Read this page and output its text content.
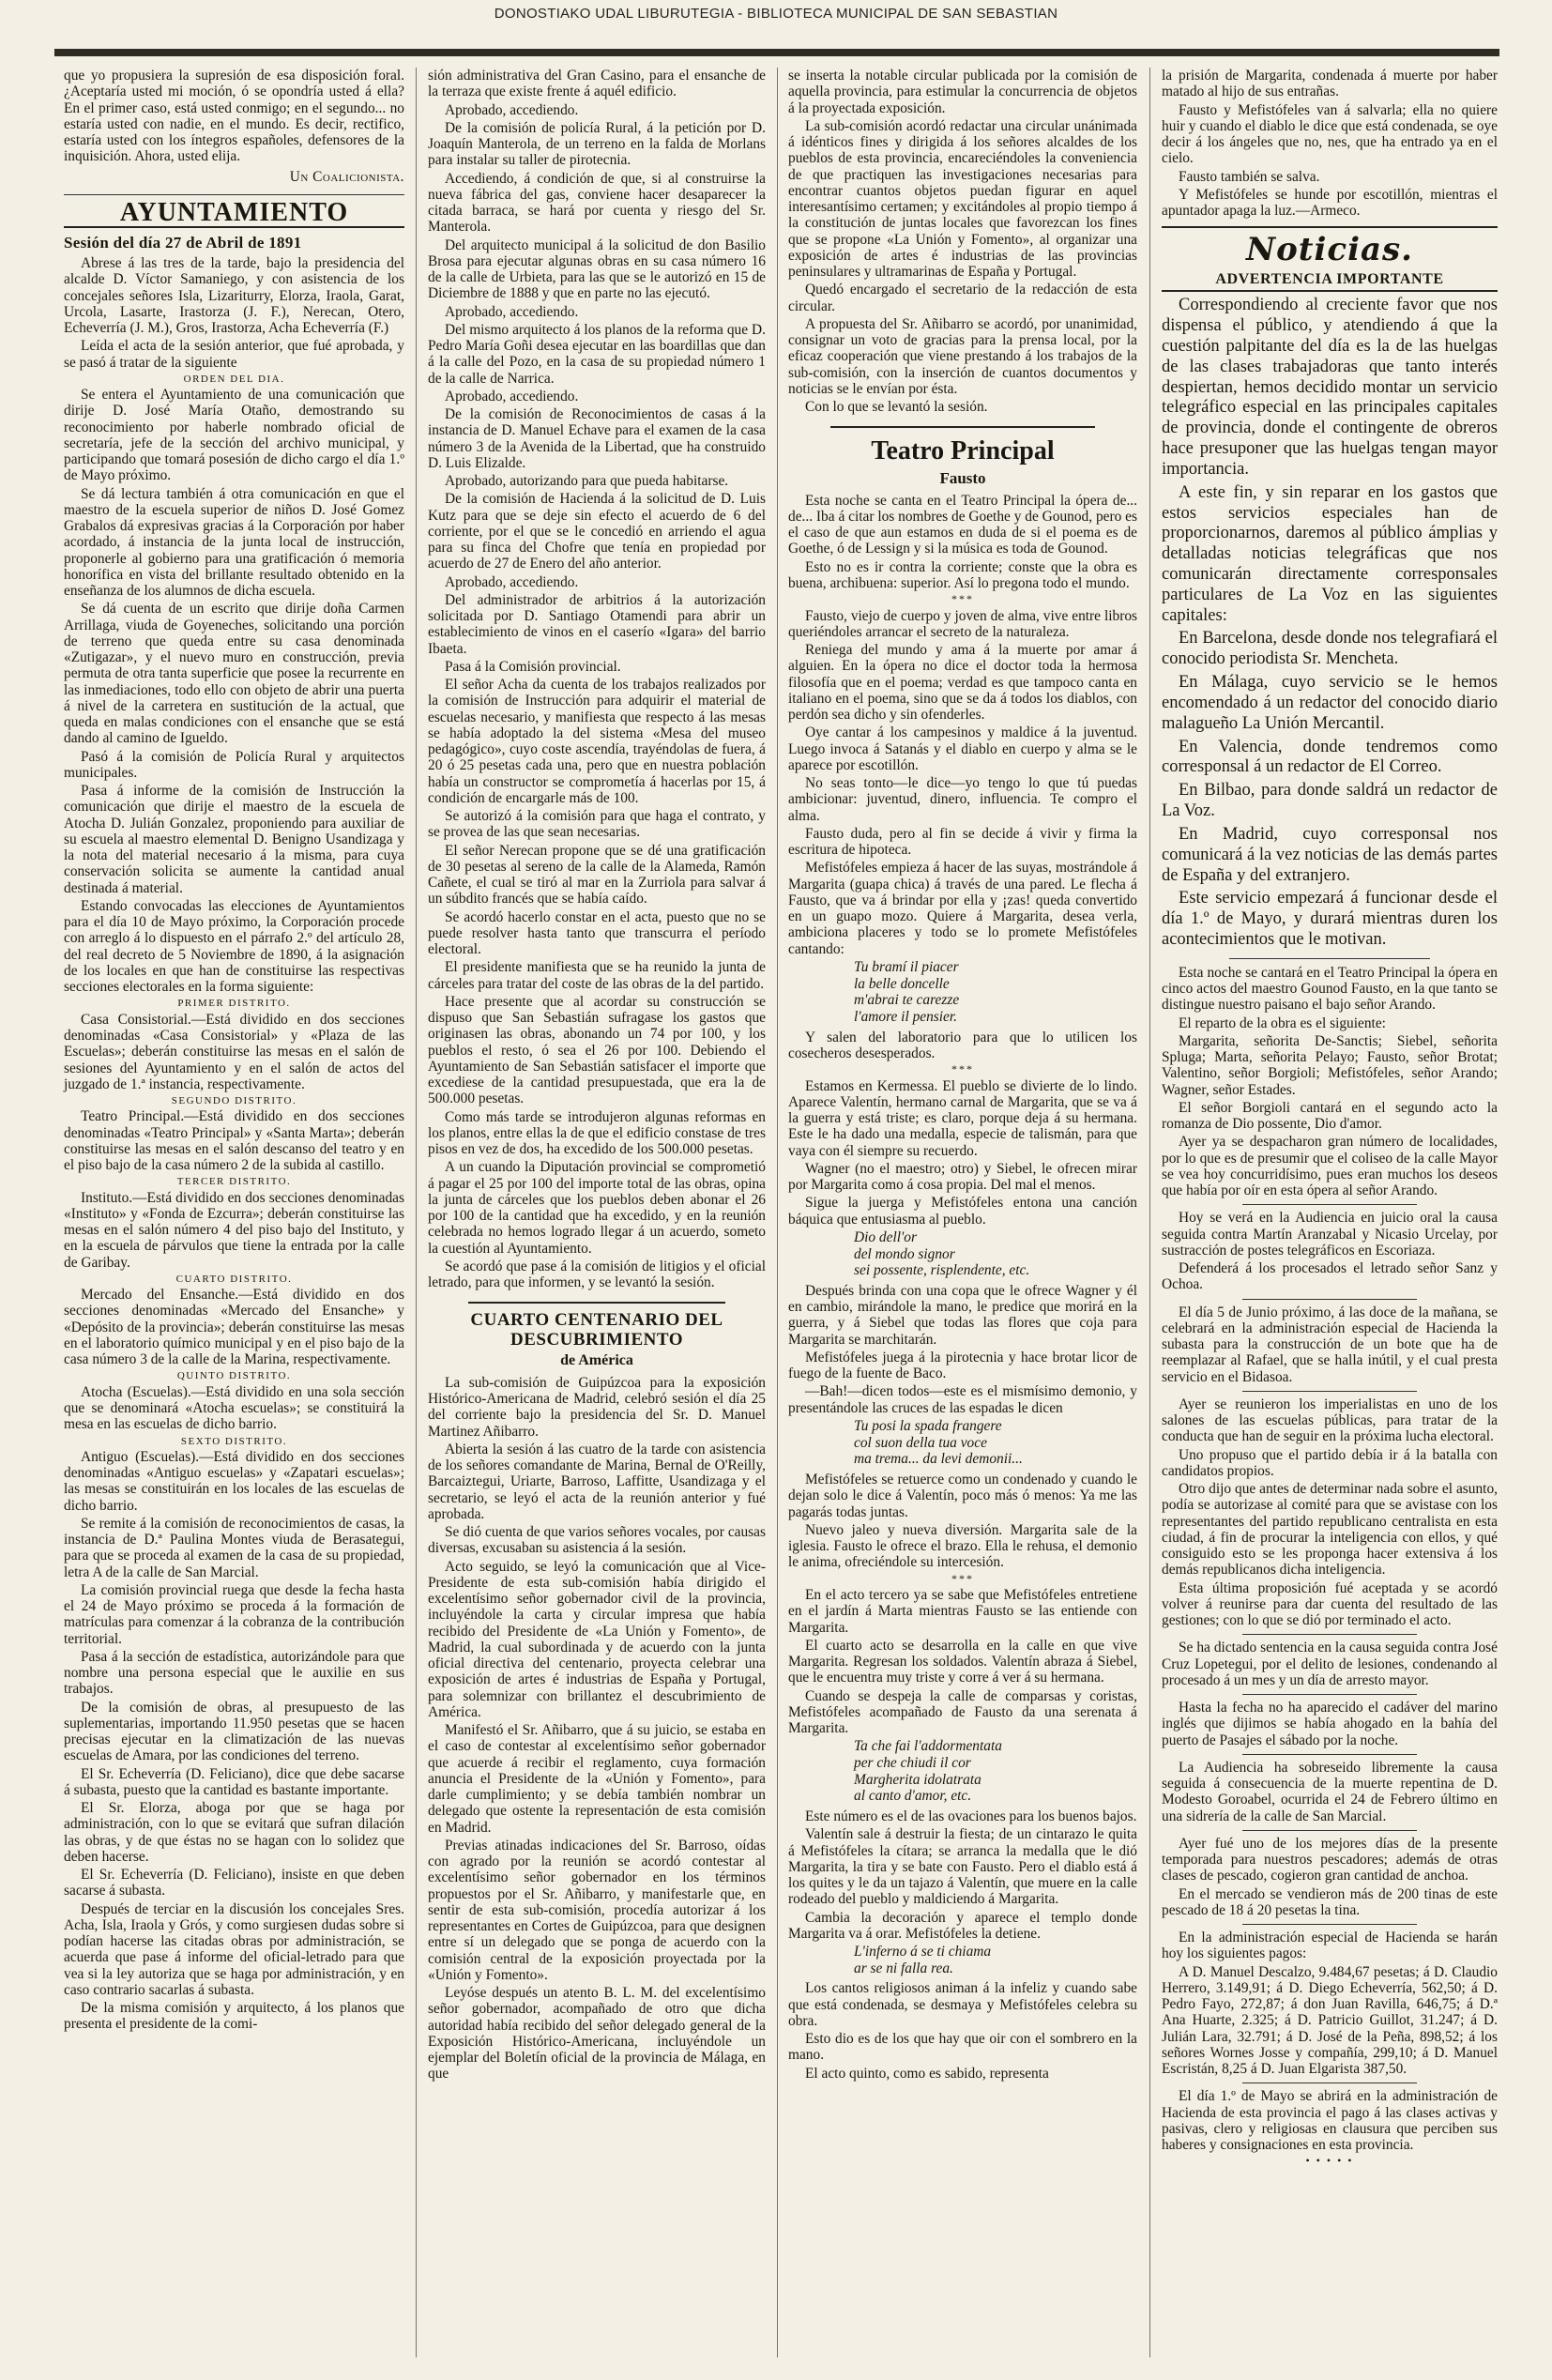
DONOSTIAKO UDAL LIBURUTEGIA - BIBLIOTECA MUNICIPAL DE SAN SEBASTIAN

que yo propusiera la supresión de esa disposición foral. ¿Aceptaría usted mi moción, ó se opondría usted á ella? En el primer caso, está usted conmigo; en el segundo... no estaría usted con nadie, en el mundo. Es decir, rectifico, estaría usted con los íntegros españoles, defensores de la inquisición. Ahora, usted elija.

Un Coalicionista.

AYUNTAMIENTO
Sesión del día 27 de Abril de 1891

Abrese á las tres de la tarde, bajo la presidencia del alcalde D. Víctor Samaniego, y con asistencia de los concejales señores Isla, Lizariturry, Elorza, Iraola, Garat, Urcola, Lasarte, Irastorza (J. F.), Nerecan, Otero, Echeverría (J. M.), Gros, Irastorza, Acha Echeverría (F.)

Leída el acta de la sesión anterior, que fué aprobada, y se pasó á tratar de la siguiente

ORDEN DEL DIA.

Se entera el Ayuntamiento de una comunicación que dirije D. José María Otaño, demostrando su reconocimiento por haberle nombrado oficial de secretaría, jefe de la sección del archivo municipal, y participando que tomará posesión de dicho cargo el día 1.º de Mayo próximo.

Se dá lectura también á otra comunicación en que el maestro de la escuela superior de niños D. José Gomez Grabalos dá expresivas gracias á la Corporación por haber acordado, á instancia de la junta local de instrucción, proponerle al gobierno para una gratificación ó memoria honorífica en vista del brillante resultado obtenido en la enseñanza de los alumnos de dicha escuela.

Se dá cuenta de un escrito que dirije doña Carmen Arrillaga, viuda de Goyeneches, solicitando una porción de terreno que queda entre su casa denominada «Zutigazar», y el nuevo muro en construcción, previa permuta de otra tanta superficie que posee la recurrente en las inmediaciones, todo ello con objeto de abrir una puerta á nivel de la carretera en sustitución de la actual, que queda en malas condiciones con el ensanche que se está dando al camino de Igueldo.

Pasó á la comisión de Policía Rural y arquitectos municipales.

Pasa á informe de la comisión de Instrucción la comunicación que dirije el maestro de la escuela de Atocha D. Julián Gonzalez, proponiendo para auxiliar de su escuela al maestro elemental D. Benigno Usandizaga y la nota del material necesario á la misma, para cuya conservación solicita se aumente la cantidad anual destinada á material.

Estando convocadas las elecciones de Ayuntamientos para el día 10 de Mayo próximo, la Corporación procede con arreglo á lo dispuesto en el párrafo 2.º del artículo 28, del real decreto de 5 Noviembre de 1890, á la asignación de los locales en que han de constituirse las respectivas secciones electorales en la forma siguiente:

PRIMER DISTRITO.

Casa Consistorial.—Está dividido en dos secciones denominadas «Casa Consistorial» y «Plaza de las Escuelas»; deberán constituirse las mesas en el salón de sesiones del Ayuntamiento y en el salón de actos del juzgado de 1.ª instancia, respectivamente.

SEGUNDO DISTRITO.

Teatro Principal.—Está dividido en dos secciones denominadas «Teatro Principal» y «Santa Marta»; deberán constituirse las mesas en el salón descanso del teatro y en el piso bajo de la casa número 2 de la subida al castillo.

TERCER DISTRITO.

Instituto.—Está dividido en dos secciones denominadas «Instituto» y «Fonda de Ezcurra»; deberán constituirse las mesas en el salón número 4 del piso bajo del Instituto, y en la escuela de párvulos que tiene la entrada por la calle de Garibay.

CUARTO DISTRITO.

Mercado del Ensanche.—Está dividido en dos secciones denominadas «Mercado del Ensanche» y «Depósito de la provincia»; deberán constituirse las mesas en el laboratorio químico municipal y en el piso bajo de la casa número 3 de la calle de la Marina, respectivamente.

QUINTO DISTRITO.

Atocha (Escuelas).—Está dividido en una sola sección que se denominará «Atocha escuelas»; se constituirá la mesa en las escuelas de dicho barrio.

SEXTO DISTRITO.

Antiguo (Escuelas).—Está dividido en dos secciones denominadas «Antiguo escuelas» y «Zapatari escuelas»; las mesas se constituirán en los locales de las escuelas de dicho barrio.

Se remite á la comisión de reconocimientos de casas, la instancia de D.ª Paulina Montes viuda de Berasategui, para que se proceda al examen de la casa de su propiedad, letra A de la calle de San Marcial.

La comisión provincial ruega que desde la fecha hasta el 24 de Mayo próximo se proceda á la formación de matrículas para comenzar á la cobranza de la contribución territorial.

Pasa á la sección de estadística, autorizándole para que nombre una persona especial que le auxilie en sus trabajos.

De la comisión de obras, al presupuesto de las suplementarias, importando 11.950 pesetas que se hacen precisas ejecutar en la climatización de las nuevas escuelas de Amara, por las condiciones del terreno.

El Sr. Echeverría (D. Feliciano), dice que debe sacarse á subasta, puesto que la cantidad es bastante importante.

El Sr. Elorza, aboga por que se haga por administración, con lo que se evitará que sufran dilación las obras, y de que éstas no se hagan con lo solidez que deben hacerse.

El Sr. Echeverría (D. Feliciano), insiste en que deben sacarse á subasta.

Después de terciar en la discusión los concejales Sres. Acha, Isla, Iraola y Grós, y como surgiesen dudas sobre si podían hacerse las citadas obras por administración, se acuerda que pase á informe del oficial-letrado para que vea si la ley autoriza que se haga por administración, y en caso contrario sacarlas á subasta.

De la misma comisión y arquitecto, á los planos que presenta el presidente de la comi-

sión administrativa del Gran Casino, para el ensanche de la terraza que existe frente á aquél edificio.

Aprobado, accediendo.

De la comisión de policía Rural, á la petición por D. Joaquín Manterola, de un terreno en la falda de Morlans para instalar su taller de pirotecnia.

Accediendo, á condición de que, si al construirse la nueva fábrica del gas, conviene hacer desaparecer la citada barraca, se hará por cuenta y riesgo del Sr. Manterola.

Del arquitecto municipal á la solicitud de don Basilio Brosa para ejecutar algunas obras en su casa número 16 de la calle de Urbieta, para las que se le autorizó en 15 de Diciembre de 1888 y que en parte no las ejecutó.

Aprobado, accediendo.

Del mismo arquitecto á los planos de la reforma que D. Pedro María Goñi desea ejecutar en las boardillas que dan á la calle del Pozo, en la casa de su propiedad número 1 de la calle de Narrica.

Aprobado, accediendo.

De la comisión de Reconocimientos de casas á la instancia de D. Manuel Echave para el examen de la casa número 3 de la Avenida de la Libertad, que ha construido D. Luis Elizalde.

Aprobado, autorizando para que pueda habitarse.

De la comisión de Hacienda á la solicitud de D. Luis Kutz para que se deje sin efecto el acuerdo de 6 del corriente, por el que se le concedió en arriendo el agua para su finca del Chofre que tenía en propiedad por acuerdo de 27 de Enero del año anterior.

Aprobado, accediendo.

Del administrador de arbitrios á la autorización solicitada por D. Santiago Otamendi para abrir un establecimiento de vinos en el caserío «Igara» del barrio Ibaeta.

Pasa á la Comisión provincial.

El señor Acha da cuenta de los trabajos realizados por la comisión de Instrucción para adquirir el material de escuelas necesario, y manifiesta que respecto á las mesas se había adoptado la del sistema «Mesa del museo pedagógico», cuyo coste ascendía, trayéndolas de fuera, á 20 ó 25 pesetas cada una, pero que en nuestra población había un constructor se comprometía á hacerlas por 15, á condición de encargarle más de 100.

Se autorizó á la comisión para que haga el contrato, y se provea de las que sean necesarias.

El señor Nerecan propone que se dé una gratificación de 30 pesetas al sereno de la calle de la Alameda, Ramón Cañete, el cual se tiró al mar en la Zurriola para salvar á un súbdito francés que se había caído.

Se acordó hacerlo constar en el acta, puesto que no se puede resolver hasta tanto que transcurra el período electoral.

El presidente manifiesta que se ha reunido la junta de cárceles para tratar del coste de las obras de la del partido.

Hace presente que al acordar su construcción se dispuso que San Sebastián sufragase los gastos que originasen las obras, abonando un 74 por 100, y los pueblos el resto, ó sea el 26 por 100. Debiendo el Ayuntamiento de San Sebastián satisfacer el importe que excediese de la cantidad presupuestada, que era la de 500.000 pesetas.

Como más tarde se introdujeron algunas reformas en los planos, entre ellas la de que el edificio constase de tres pisos en vez de dos, ha excedido de los 500.000 pesetas.

A un cuando la Diputación provincial se comprometió á pagar el 25 por 100 del importe total de las obras, opina la junta de cárceles que los pueblos deben abonar el 26 por 100 de la cantidad que ha excedido, y en la reunión celebrada no hemos logrado llegar á un acuerdo, someto la cuestión al Ayuntamiento.

Se acordó que pase á la comisión de litigios y el oficial letrado, para que informen, y se levantó la sesión.

CUARTO CENTENARIO DEL DESCUBRIMIENTO
de América

La sub-comisión de Guipúzcoa para la exposición Histórico-Americana de Madrid, celebró sesión el día 25 del corriente bajo la presidencia del Sr. D. Manuel Martinez Añibarro.

Abierta la sesión á las cuatro de la tarde con asistencia de los señores comandante de Marina, Bernal de O'Reilly, Barcaiztegui, Uriarte, Barroso, Laffitte, Usandizaga y el secretario, se leyó el acta de la reunión anterior y fué aprobada.

Se dió cuenta de que varios señores vocales, por causas diversas, excusaban su asistencia á la sesión.

Acto seguido, se leyó la comunicación que al Vice-Presidente de esta sub-comisión había dirigido el excelentísimo señor gobernador civil de la provincia, incluyéndole la carta y circular impresa que había recibido del Presidente de «La Unión y Fomento», de Madrid, la cual subordinada y de acuerdo con la junta oficial directiva del centenario, proyecta celebrar una exposición de artes é industrias de España y Portugal, para solemnizar con brillantez el descubrimiento de América.

Manifestó el Sr. Añibarro, que á su juicio, se estaba en el caso de contestar al excelentísimo señor gobernador que acuerde á recibir el reglamento, cuya formación anuncia el Presidente de la «Unión y Fomento», para darle cumplimiento; y se debía también nombrar un delegado que ostente la representación de esta comisión en Madrid.

Previas atinadas indicaciones del Sr. Barroso, oídas con agrado por la reunión se acordó contestar al excelentísimo señor gobernador en los términos propuestos por el Sr. Añibarro, y manifestarle que, en sentir de esta sub-comisión, procedía autorizar á los representantes en Cortes de Guipúzcoa, para que designen entre sí un delegado que se ponga de acuerdo con la comisión central de la exposición proyectada por la «Unión y Fomento».

Leyóse después un atento B. L. M. del excelentísimo señor gobernador, acompañado de otro que dicha autoridad había recibido del señor delegado general de la Exposición Histórico-Americana, incluyéndole un ejemplar del Boletín oficial de la provincia de Málaga, en que

se inserta la notable circular publicada por la comisión de aquella provincia, para estimular la concurrencia de objetos á la proyectada exposición.

La sub-comisión acordó redactar una circular unánimada á idénticos fines y dirigida á los señores alcaldes de los pueblos de esta provincia, encareciéndoles la conveniencia de que practiquen las investigaciones necesarias para encontrar cuantos objetos puedan figurar en aquel interesantísimo certamen; y excitándoles al propio tiempo á la constitución de juntas locales que favorezcan los fines que se propone «La Unión y Fomento», al organizar una exposición de artes é industrias de las provincias peninsulares y ultramarinas de España y Portugal.

Quedó encargado el secretario de la redacción de esta circular.

A propuesta del Sr. Añibarro se acordó, por unanimidad, consignar un voto de gracias para la prensa local, por la eficaz cooperación que viene prestando á los trabajos de la sub-comisión, con la inserción de cuantos documentos y noticias se le envían por ésta.

Con lo que se levantó la sesión.

Teatro Principal
Fausto

Esta noche se canta en el Teatro Principal la ópera de... de... Iba á citar los nombres de Goethe y de Gounod, pero es el caso de que aun estamos en duda de si el poema es de Goethe, ó de Lessign y si la música es toda de Gounod.

Esto no es ir contra la corriente; conste que la obra es buena, archibuena: superior. Así lo pregona todo el mundo.

***

Fausto, viejo de cuerpo y joven de alma, vive entre libros queriéndoles arrancar el secreto de la naturaleza.

Reniega del mundo y ama á la muerte por amar á alguien. En la ópera no dice el doctor toda la hermosa filosofía que en el poema; verdad es que tampoco canta en italiano en el poema, sino que se da á todos los diablos, con perdón sea dicho y sin ofenderles.

Oye cantar á los campesinos y maldice á la juventud. Luego invoca á Satanás y el diablo en cuerpo y alma se le aparece por escotillón.

No seas tonto—le dice—yo tengo lo que tú puedas ambicionar: juventud, dinero, influencia. Te compro el alma.

Fausto duda, pero al fin se decide á vivir y firma la escritura de hipoteca.

Mefistófeles empieza á hacer de las suyas, mostrándole á Margarita (guapa chica) á través de una pared. Le flecha á Fausto, que va á brindar por ella y ¡zas! queda convertido en un guapo mozo. Quiere á Margarita, desea verla, ambiciona placeres y todo se lo promete Mefistófeles cantando:

Tu bramí il piacer
la belle doncelle
m'abrai te carezze
l'amore il pensier.

Y salen del laboratorio para que lo utilicen los cosecheros desesperados.

***

Estamos en Kermessa. El pueblo se divierte de lo lindo. Aparece Valentín, hermano carnal de Margarita, que se va á la guerra y está triste; es claro, porque deja á su hermana. Este le ha dado una medalla, especie de talismán, para que vaya con él siempre su recuerdo.

Wagner (no el maestro; otro) y Siebel, le ofrecen mirar por Margarita como á cosa propia. Del mal el menos.

Sigue la juerga y Mefistófeles entona una canción báquica que entusiasma al pueblo.

Dio dell'or
del mondo signor
sei possente, risplendente, etc.

Después brinda con una copa que le ofrece Wagner y él en cambio, mirándole la mano, le predice que morirá en la guerra, y á Siebel que todas las flores que coja para Margarita se marchitarán.

Mefistófeles juega á la pirotecnia y hace brotar licor de fuego de la fuente de Baco.

—Bah!—dicen todos—este es el mismísimo demonio, y presentándole las cruces de las espadas le dicen

Tu posi la spada frangere
col suon della tua voce
ma trema... da levi demonii...

Mefistófeles se retuerce como un condenado y cuando le dejan solo le dice á Valentín, poco más ó menos: Ya me las pagarás todas juntas.

Nuevo jaleo y nueva diversión. Margarita sale de la iglesia. Fausto le ofrece el brazo. Ella le rehusa, el demonio le anima, ofreciéndole su intercesión.

***

En el acto tercero ya se sabe que Mefistófeles entretiene en el jardín á Marta mientras Fausto se las entiende con Margarita.

El cuarto acto se desarrolla en la calle en que vive Margarita. Regresan los soldados. Valentín abraza á Siebel, que le encuentra muy triste y corre á ver á su hermana.

Cuando se despeja la calle de comparsas y coristas, Mefistófeles acompañado de Fausto da una serenata á Margarita.

Ta che fai l'addormentata
per che chiudi il cor
Margherita idolatrata
al canto d'amor, etc.

Este número es el de las ovaciones para los buenos bajos.

Valentín sale á destruir la fiesta; de un cintarazo le quita á Mefistófeles la cítara; se arranca la medalla que le dió Margarita, la tira y se bate con Fausto. Pero el diablo está á los quites y le da un tajazo á Valentín, que muere en la calle rodeado del pueblo y maldiciendo á Margarita.

Cambia la decoración y aparece el templo donde Margarita va á orar. Mefistófeles la detiene.

L'inferno á se ti chiama
ar se ni falla rea.

Los cantos religiosos animan á la infeliz y cuando sabe que está condenada, se desmaya y Mefistófeles celebra su obra.

Esto dio es de los que hay que oir con el sombrero en la mano.

El acto quinto, como es sabido, representa

la prisión de Margarita, condenada á muerte por haber matado al hijo de sus entrañas.

Fausto y Mefistófeles van á salvarla; ella no quiere huir y cuando el diablo le dice que está condenada, se oye decir á los ángeles que no, nes, que ha entrado ya en el cielo.

Fausto también se salva.

Y Mefistófeles se hunde por escotillón, mientras el apuntador apaga la luz.—Armeco.

Noticias.
ADVERTENCIA IMPORTANTE

Correspondiendo al creciente favor que nos dispensa el público, y atendiendo á que la cuestión palpitante del día es la de las huelgas de las clases trabajadoras que tanto interés despiertan, hemos decidido montar un servicio telegráfico especial en las principales capitales de provincia, donde el contingente de obreros hace presuponer que las huelgas tengan mayor importancia.

A este fin, y sin reparar en los gastos que estos servicios especiales han de proporcionarnos, daremos al público ámplias y detalladas noticias telegráficas que nos comunicarán directamente corresponsales particulares de La Voz en las siguientes capitales:

En Barcelona, desde donde nos telegrafiará el conocido periodista Sr. Mencheta.

En Málaga, cuyo servicio se le hemos encomendado á un redactor del conocido diario malagueño La Unión Mercantil.

En Valencia, donde tendremos como corresponsal á un redactor de El Correo.

En Bilbao, para donde saldrá un redactor de La Voz.

En Madrid, cuyo corresponsal nos comunicará á la vez noticias de las demás partes de España y del extranjero.

Este servicio empezará á funcionar desde el día 1.º de Mayo, y durará mientras duren los acontecimientos que le motivan.

Esta noche se cantará en el Teatro Principal la ópera en cinco actos del maestro Gounod Fausto, en la que tanto se distingue nuestro paisano el bajo señor Arando.

El reparto de la obra es el siguiente:

Margarita, señorita De-Sanctis; Siebel, señorita Spluga; Marta, señorita Pelayo; Fausto, señor Brotat; Valentino, señor Borgioli; Mefistófeles, señor Arando; Wagner, señor Estades.

El señor Borgioli cantará en el segundo acto la romanza de Dio possente, Dio d'amor.

Ayer ya se despacharon gran número de localidades, por lo que es de presumir que el coliseo de la calle Mayor se vea hoy concurridísimo, pues eran muchos los deseos que había por oír en esta ópera al señor Arando.

Hoy se verá en la Audiencia en juicio oral la causa seguida contra Martín Aranzabal y Nicasio Urcelay, por sustracción de postes telegráficos en Escoriaza.

Defenderá á los procesados el letrado señor Sanz y Ochoa.

El día 5 de Junio próximo, á las doce de la mañana, se celebrará en la administración especial de Hacienda la subasta para la construcción de un bote que ha de reemplazar al Rafael, que se halla inútil, y el cual presta servicio en el Bidasoa.

Ayer se reunieron los imperialistas en uno de los salones de las escuelas públicas, para tratar de la conducta que han de seguir en la próxima lucha electoral.

Uno propuso que el partido debía ir á la batalla con candidatos propios.

Otro dijo que antes de determinar nada sobre el asunto, podía se autorizase al comité para que se avistase con los representantes del partido republicano centralista en esta ciudad, á fin de procurar la inteligencia con ellos, y qué consiguido esto se les proponga hacer extensiva á los demás republicanos dicha inteligencia.

Esta última proposición fué aceptada y se acordó volver á reunirse para dar cuenta del resultado de las gestiones; con lo que se dió por terminado el acto.

Se ha dictado sentencia en la causa seguida contra José Cruz Lopetegui, por el delito de lesiones, condenando al procesado á un mes y un día de arresto mayor.

Hasta la fecha no ha aparecido el cadáver del marino inglés que dijimos se había ahogado en la bahía del puerto de Pasajes el sábado por la noche.

La Audiencia ha sobreseido libremente la causa seguida á consecuencia de la muerte repentina de D. Modesto Goroabel, ocurrida el 24 de Febrero último en una sidrería de la calle de San Marcial.

Ayer fué uno de los mejores días de la presente temporada para nuestros pescadores; además de otras clases de pescado, cogieron gran cantidad de anchoa.

En el mercado se vendieron más de 200 tinas de este pescado de 18 á 20 pesetas la tina.

En la administración especial de Hacienda se harán hoy los siguientes pagos:

A D. Manuel Descalzo, 9.484,67 pesetas; á D. Claudio Herrero, 3.149,91; á D. Diego Echeverría, 562,50; á D. Pedro Fayo, 272,87; á don Juan Ravilla, 646,75; á D.ª Ana Huarte, 2.325; á D. Patricio Guillot, 31.247; á D. Julián Lara, 32.791; á D. José de la Peña, 898,52; á los señores Wornes Josse y compañía, 299,10; á D. Manuel Escristán, 8,25 á D. Juan Elgarista 387,50.

El día 1.º de Mayo se abrirá en la administración de Hacienda de esta provincia el pago á las clases activas y pasivas, clero y religiosas en clausura que perciben sus haberes y consignaciones en esta provincia.

• • • • •
